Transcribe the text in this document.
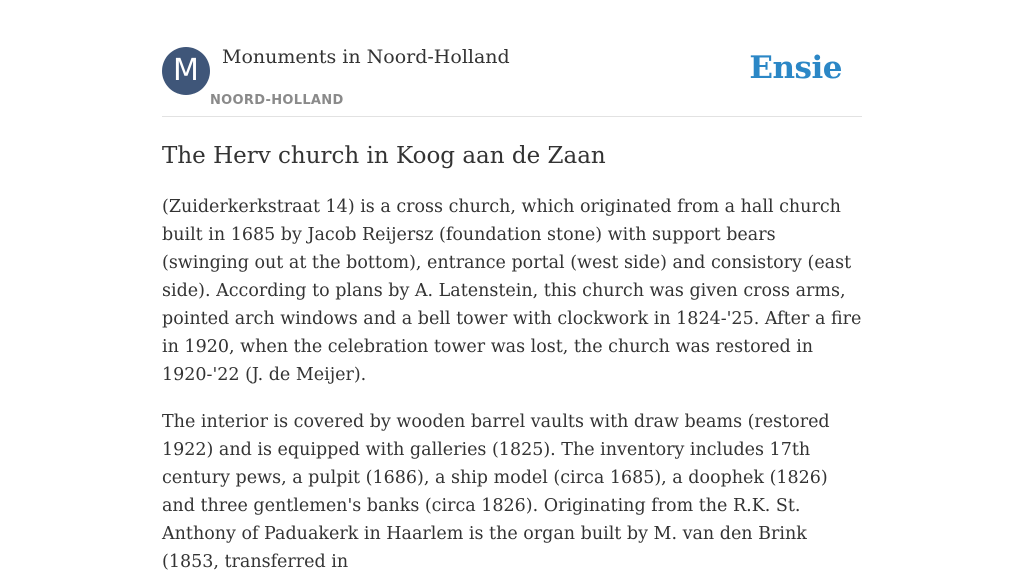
M	Monuments in Noord-Holland
NOORD-HOLLAND
Ensie
The Herv church in Koog aan de Zaan

(Zuiderkerkstraat 14) is a cross church, which originated from a hall church built in 1685 by Jacob Reijersz (foundation stone) with support bears (swinging out at the bottom), entrance portal (west side) and consistory (east side). According to plans by A. Latenstein, this church was given cross arms, pointed arch windows and a bell tower with clockwork in 1824-'25. After a fire in 1920, when the celebration tower was lost, the church was restored in 1920-'22 (J. de Meijer).

The interior is covered by wooden barrel vaults with draw beams (restored 1922) and is equipped with galleries (1825). The inventory includes 17th century pews, a pulpit (1686), a ship model (circa 1685), a doophek (1826) and three gentlemen's banks (circa 1826). Originating from the R.K. St. Anthony of Paduakerk in Haarlem is the organ built by M. van den Brink (1853, transferred in
